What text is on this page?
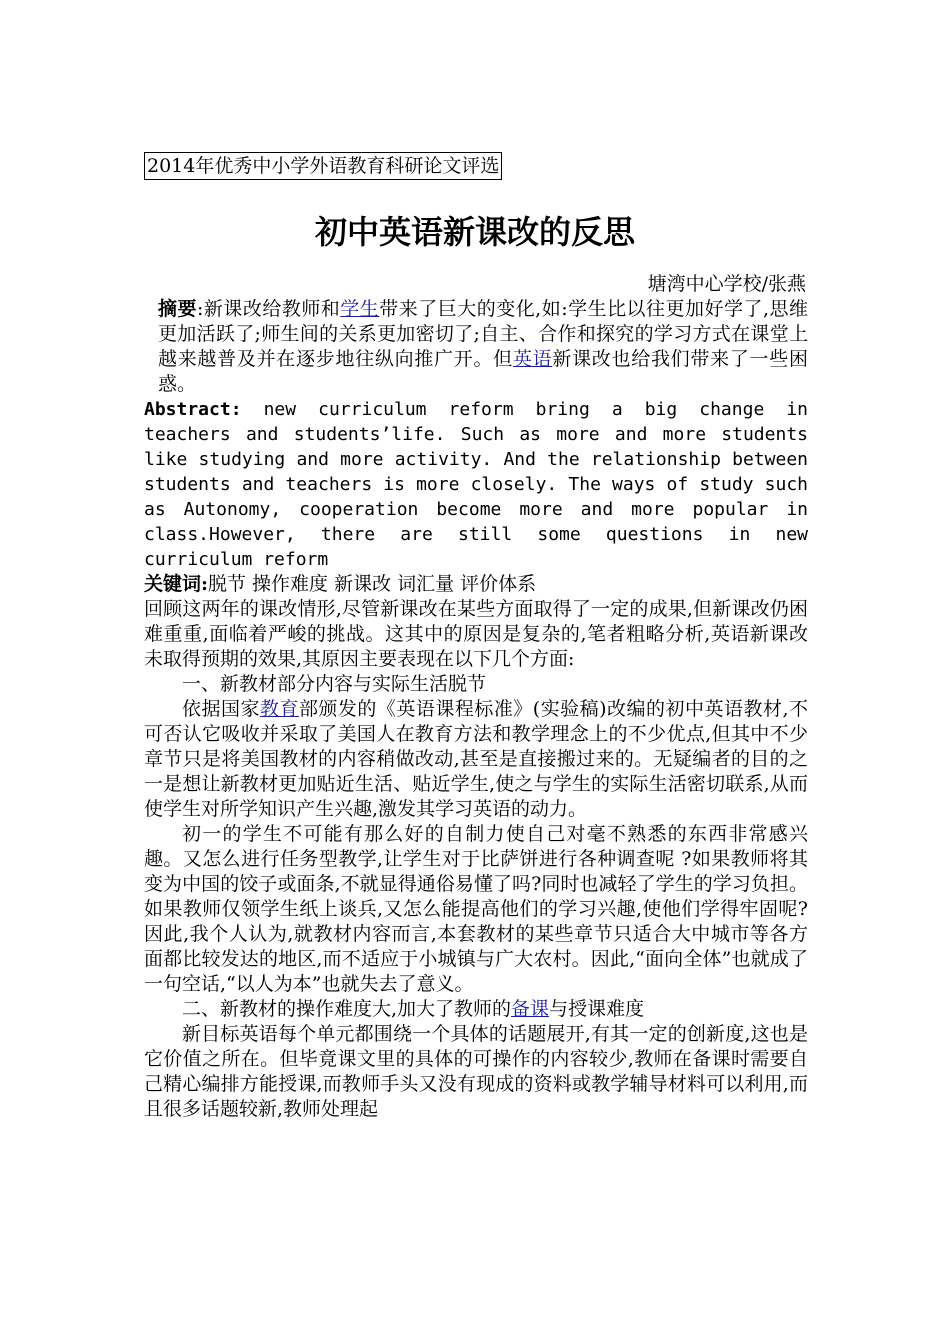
2014年优秀中小学外语教育科研论文评选
初中英语新课改的反思
塘湾中心学校/张燕

摘要:新课改给教师和学生带来了巨大的变化,如:学生比以往更加好学了,思维更加活跃了;师生间的关系更加密切了;自主、合作和探究的学习方式在课堂上越来越普及并在逐步地往纵向推广开。但英语新课改也给我们带来了一些困惑。

Abstract: new curriculum reform bring a big change in teachers and students’life. Such as more and more students like studying and more activity. And the relationship between students and teachers is more closely. The ways of study such as Autonomy, cooperation become more and more popular in class.However, there are still some questions in new curriculum reform

关键词:脱节 操作难度 新课改 词汇量 评价体系

回顾这两年的课改情形,尽管新课改在某些方面取得了一定的成果,但新课改仍困难重重,面临着严峻的挑战。这其中的原因是复杂的,笔者粗略分析,英语新课改未取得预期的效果,其原因主要表现在以下几个方面:

一、新教材部分内容与实际生活脱节

依据国家教育部颁发的《英语课程标准》(实验稿)改编的初中英语教材,不可否认它吸收并采取了美国人在教育方法和教学理念上的不少优点,但其中不少章节只是将美国教材的内容稍做改动,甚至是直接搬过来的。无疑编者的目的之一是想让新教材更加贴近生活、贴近学生,使之与学生的实际生活密切联系,从而使学生对所学知识产生兴趣,激发其学习英语的动力。

初一的学生不可能有那么好的自制力使自己对毫不熟悉的东西非常感兴趣。又怎么进行任务型教学,让学生对于比萨饼进行各种调查呢 ?如果教师将其变为中国的饺子或面条,不就显得通俗易懂了吗?同时也减轻了学生的学习负担。如果教师仅领学生纸上谈兵,又怎么能提高他们的学习兴趣,使他们学得牢固呢?因此,我个人认为,就教材内容而言,本套教材的某些章节只适合大中城市等各方面都比较发达的地区,而不适应于小城镇与广大农村。因此,“面向全体”也就成了一句空话,“以人为本”也就失去了意义。

二、新教材的操作难度大,加大了教师的备课与授课难度

新目标英语每个单元都围绕一个具体的话题展开,有其一定的创新度,这也是它价值之所在。但毕竟课文里的具体的可操作的内容较少,教师在备课时需要自己精心编排方能授课,而教师手头又没有现成的资料或教学辅导材料可以利用,而且很多话题较新,教师处理起
